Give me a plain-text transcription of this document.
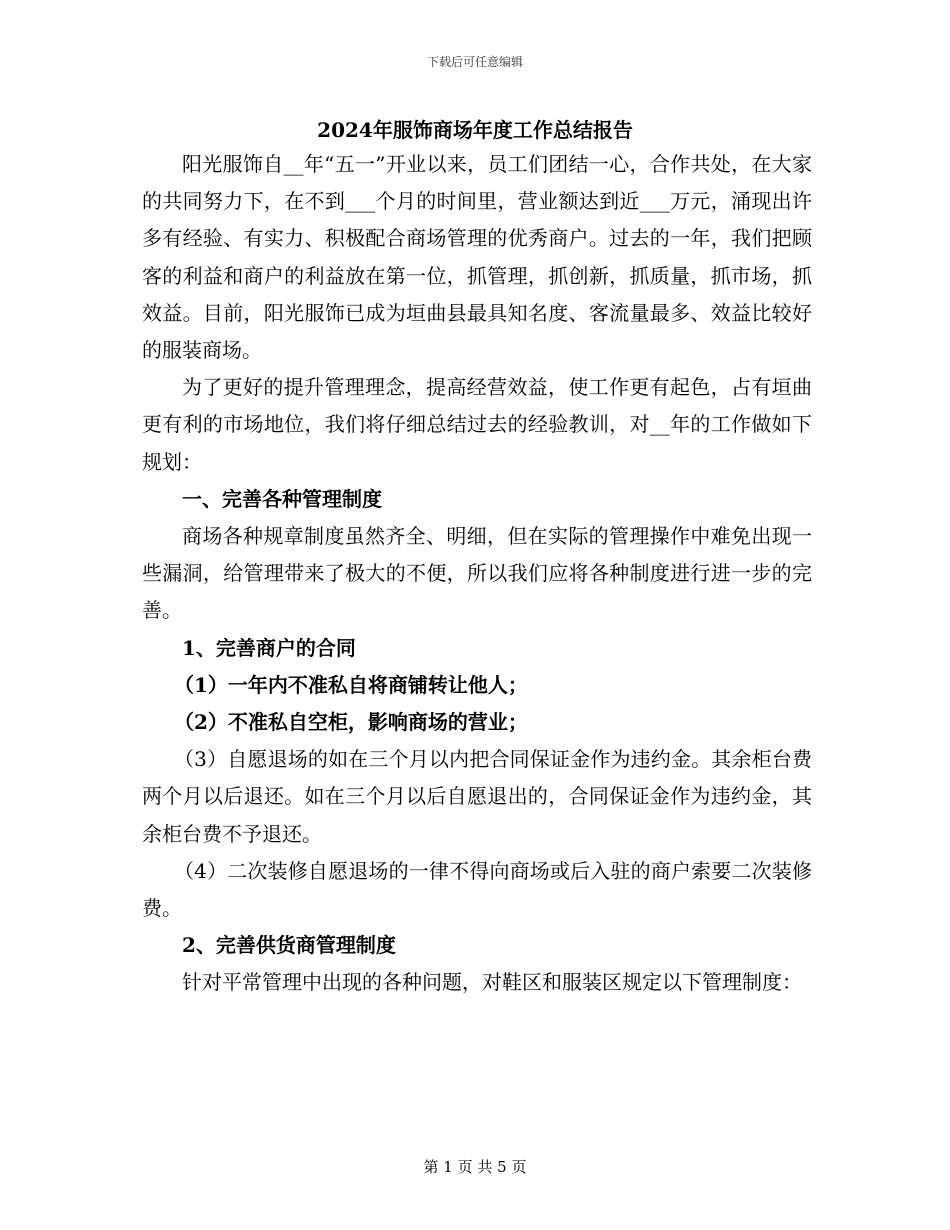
下载后可任意编辑
2024年服饰商场年度工作总结报告

阳光服饰自__年“五一”开业以来，员工们团结一心，合作共处，在大家的共同努力下，在不到___个月的时间里，营业额达到近___万元，涌现出许多有经验、有实力、积极配合商场管理的优秀商户。过去的一年，我们把顾客的利益和商户的利益放在第一位，抓管理，抓创新，抓质量，抓市场，抓效益。目前，阳光服饰已成为垣曲县最具知名度、客流量最多、效益比较好的服装商场。

为了更好的提升管理理念，提高经营效益，使工作更有起色，占有垣曲更有利的市场地位，我们将仔细总结过去的经验教训，对__年的工作做如下规划：

一、完善各种管理制度

商场各种规章制度虽然齐全、明细，但在实际的管理操作中难免出现一些漏洞，给管理带来了极大的不便，所以我们应将各种制度进行进一步的完善。

1、完善商户的合同

（1）一年内不准私自将商铺转让他人；

（2）不准私自空柜，影响商场的营业；

（3）自愿退场的如在三个月以内把合同保证金作为违约金。其余柜台费两个月以后退还。如在三个月以后自愿退出的，合同保证金作为违约金，其余柜台费不予退还。

（4）二次装修自愿退场的一律不得向商场或后入驻的商户索要二次装修费。

2、完善供货商管理制度

针对平常管理中出现的各种问题，对鞋区和服装区规定以下管理制度：

第 1 页 共 5 页
